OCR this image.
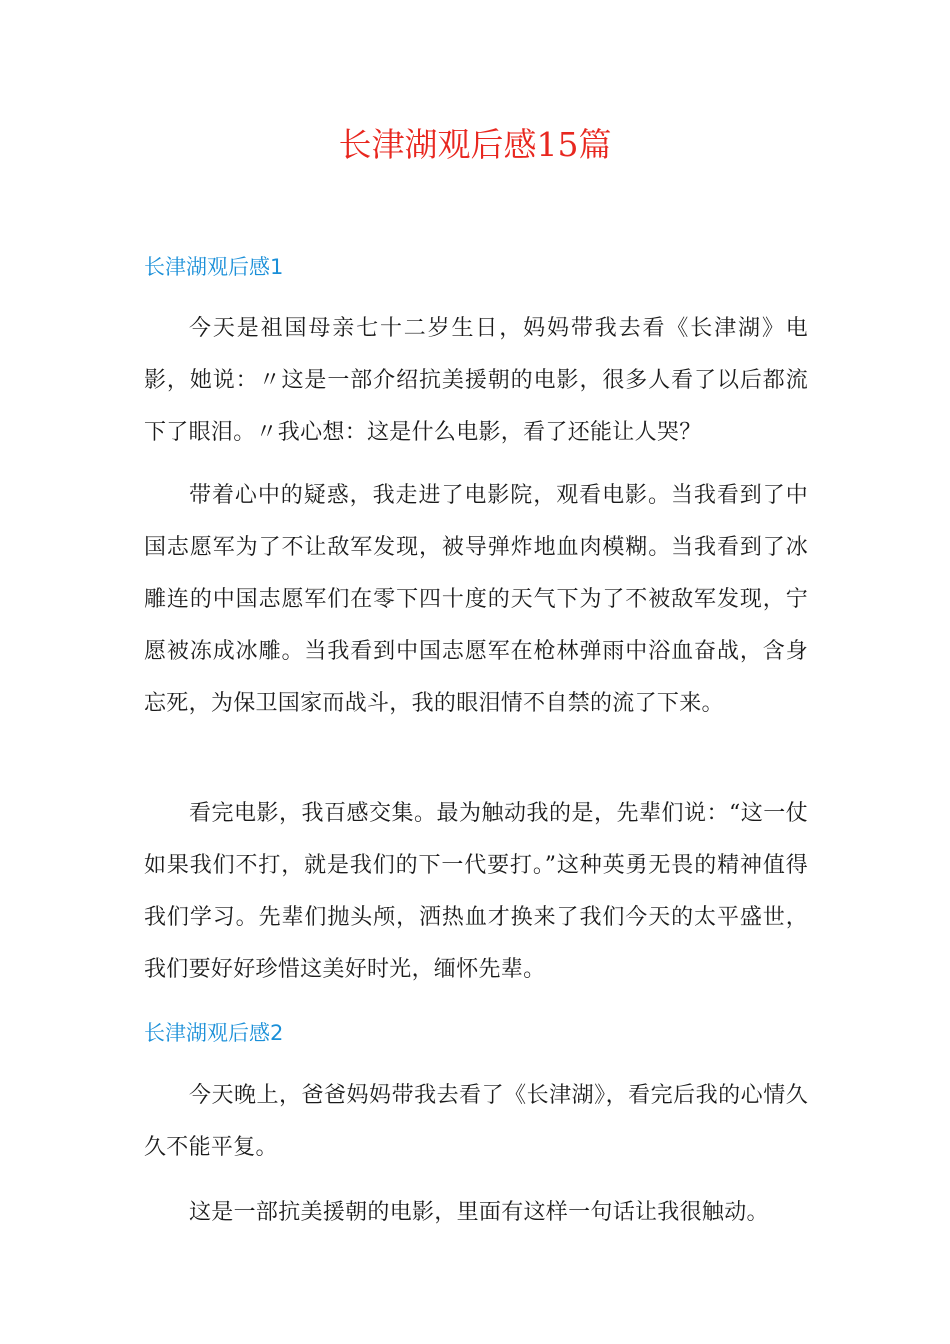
长津湖观后感15篇
长津湖观后感1

今天是祖国母亲七十二岁生日，妈妈带我去看《长津湖》电影，她说：〃这是一部介绍抗美援朝的电影，很多人看了以后都流下了眼泪。〃我心想：这是什么电影，看了还能让人哭？

带着心中的疑惑，我走进了电影院，观看电影。当我看到了中国志愿军为了不让敌军发现，被导弹炸地血肉模糊。当我看到了冰雕连的中国志愿军们在零下四十度的天气下为了不被敌军发现，宁愿被冻成冰雕。当我看到中国志愿军在枪林弹雨中浴血奋战，含身忘死，为保卫国家而战斗，我的眼泪情不自禁的流了下来。

看完电影，我百感交集。最为触动我的是，先辈们说：“这一仗如果我们不打，就是我们的下一代要打。”这种英勇无畏的精神值得我们学习。先辈们抛头颅，洒热血才换来了我们今天的太平盛世，我们要好好珍惜这美好时光，缅怀先辈。

长津湖观后感2

今天晚上，爸爸妈妈带我去看了《长津湖》，看完后我的心情久久不能平复。

这是一部抗美援朝的电影，里面有这样一句话让我很触动。
